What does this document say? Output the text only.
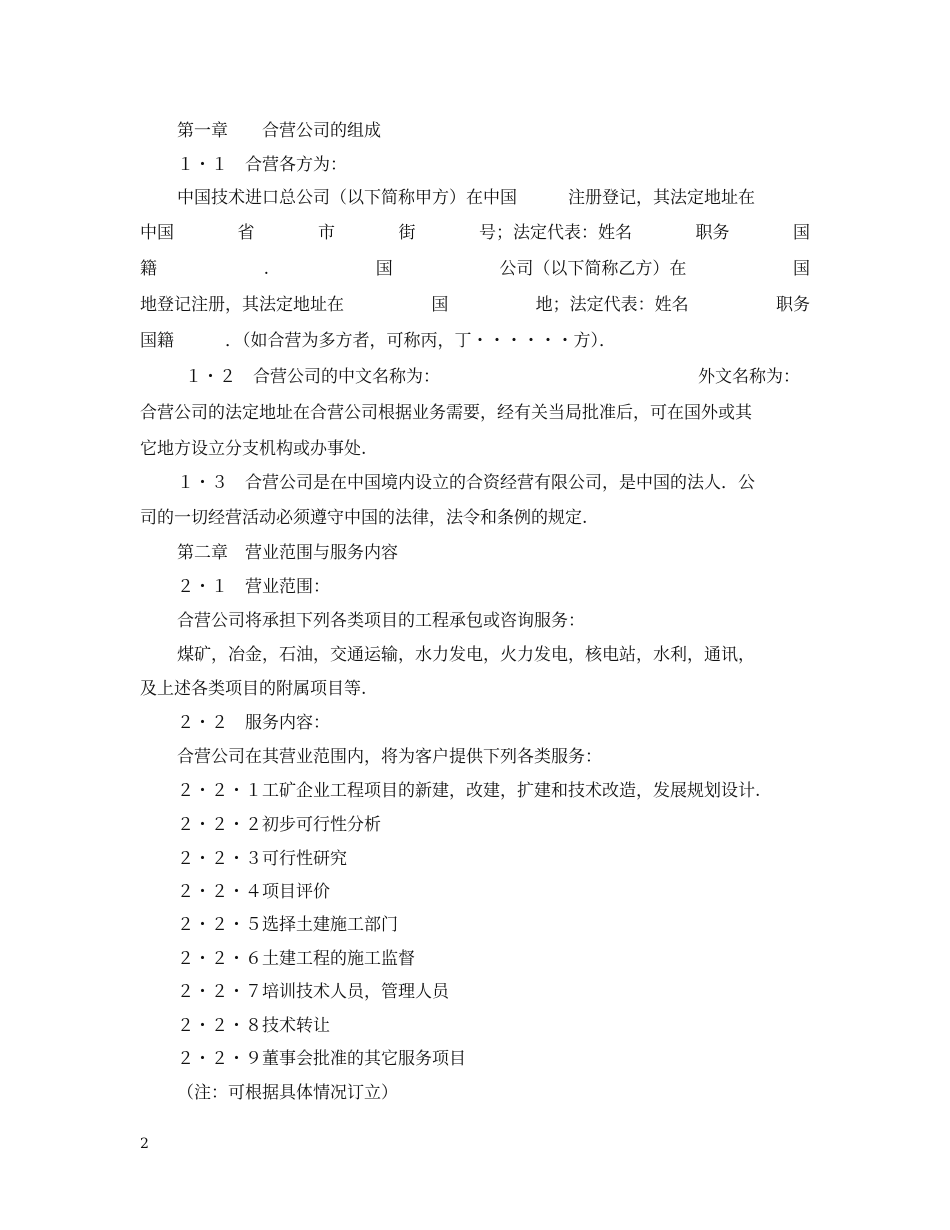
第一章　　合营公司的组成
１・１　合营各方为：
中国技术进口总公司（以下简称甲方）在中国　　　注册登记，其法定地址在
中国	省	市	街	号；法定代表：姓名	职务	国
籍	.	国	公司（以下简称乙方）在	国
地登记注册，其法定地址在	国	地；法定代表：姓名	职务
国籍　　　．（如合营为多方者，可称丙，丁・・・・・・方）．
１・２　合营公司的中文名称为：	外文名称为：
合营公司的法定地址在合营公司根据业务需要，经有关当局批准后，可在国外或其
它地方设立分支机构或办事处.
１・３　合营公司是在中国境内设立的合资经营有限公司，是中国的法人．公
司的一切经营活动必须遵守中国的法律，法令和条例的规定.
第二章　营业范围与服务内容
２・１　营业范围：
合营公司将承担下列各类项目的工程承包或咨询服务：
煤矿，冶金，石油，交通运输，水力发电，火力发电，核电站，水利，通讯，
及上述各类项目的附属项目等.
２・２　服务内容：
合营公司在其营业范围内，将为客户提供下列各类服务：
２・２・１工矿企业工程项目的新建，改建，扩建和技术改造，发展规划设计.
２・２・２初步可行性分析
２・２・３可行性研究
２・２・４项目评价
２・２・５选择土建施工部门
２・２・６土建工程的施工监督
２・２・７培训技术人员，管理人员
２・２・８技术转让
２・２・９董事会批准的其它服务项目
（注：可根据具体情况订立）
2
